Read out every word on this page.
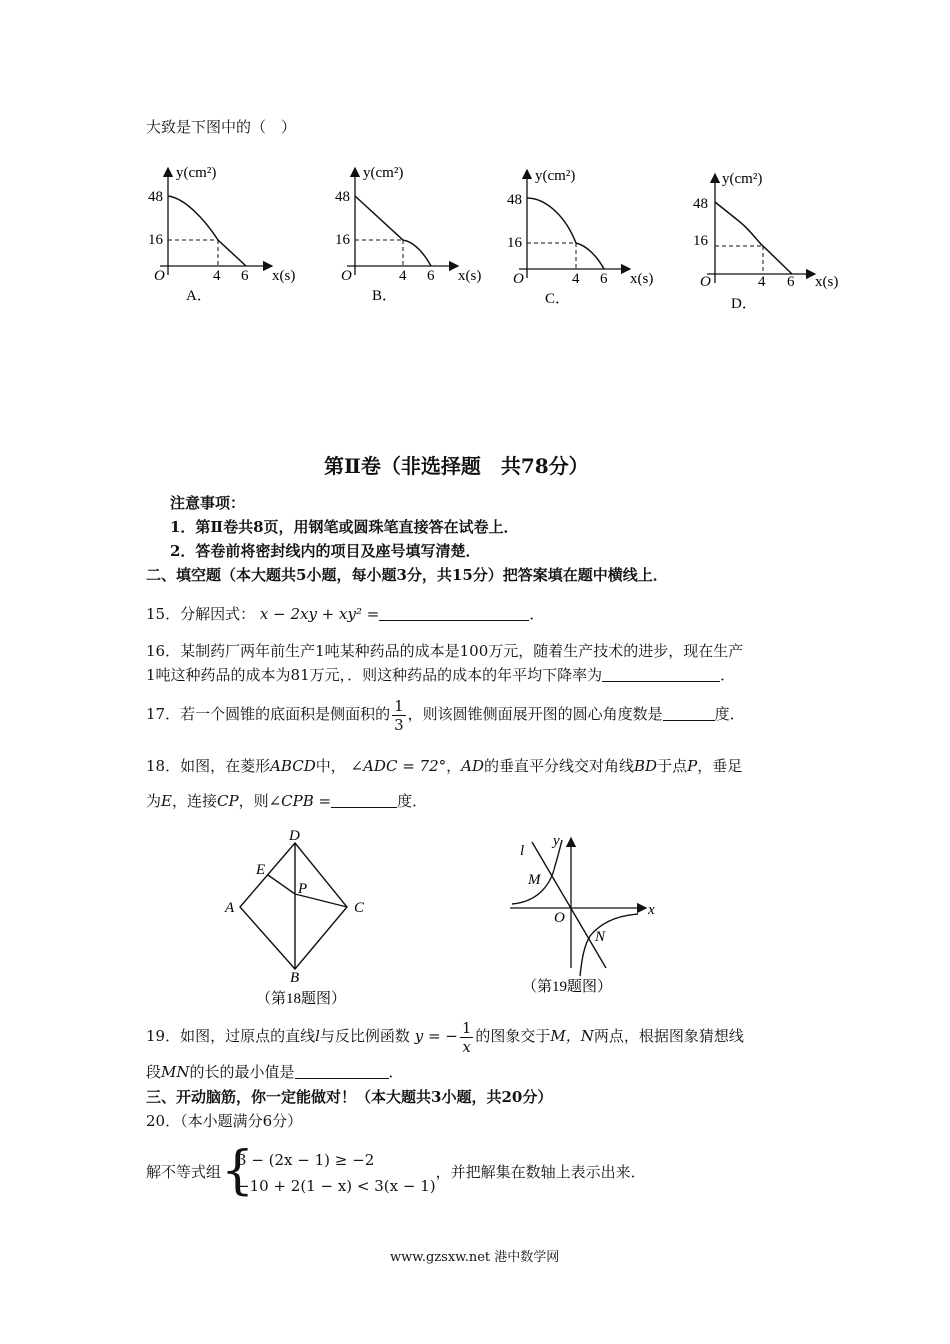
大致是下图中的（　）
y(cm²)
48
16
O	4 6 x(s)
A．
y(cm²)
48
16
O	4 6 x(s)
B．
y(cm²)
48
16
O	4 6 x(s)
C．
y(cm²)
48
16
O	4 6 x(s)
D．
第Ⅱ卷（非选择题　共78分）
注意事项：
1．第Ⅱ卷共8页，用钢笔或圆珠笔直接答在试卷上．
2．答卷前将密封线内的项目及座号填写清楚．
二、填空题（本大题共5小题，每小题3分，共15分）把答案填在题中横线上．
15．分解因式： x − 2xy + xy² =	．
16．某制药厂两年前生产1吨某种药品的成本是100万元，随着生产技术的进步，现在生产
1吨这种药品的成本为81万元，．则这种药品的成本的年平均下降率为	．
17．若一个圆锥的底面积是侧面积的 $\frac{1}{3}$ ，则该圆锥侧面展开图的圆心角度数是	度．
18．如图，在菱形ABCD中， ∠ADC = 72°，AD的垂直平分线交对角线BD于点P，垂足
为E，连接CP，则∠CPB =	度．
D
E
P
A	C
B
（第18题图）
l
y
M
x
O
N
（第19题图）
19．如图，过原点的直线l与反比例函数 y = − $\frac{1}{x}$ 的图象交于M，N两点，根据图象猜想线
段MN的长的最小值是	．
三、开动脑筋，你一定能做对！（本大题共3小题，共20分）
20．（本小题满分6分）
解不等式组 {
3 − (2x − 1) ≥ −2
−10 + 2(1 − x) < 3(x − 1)
，并把解集在数轴上表示出来．
www.gzsxw.net 港中数学网
